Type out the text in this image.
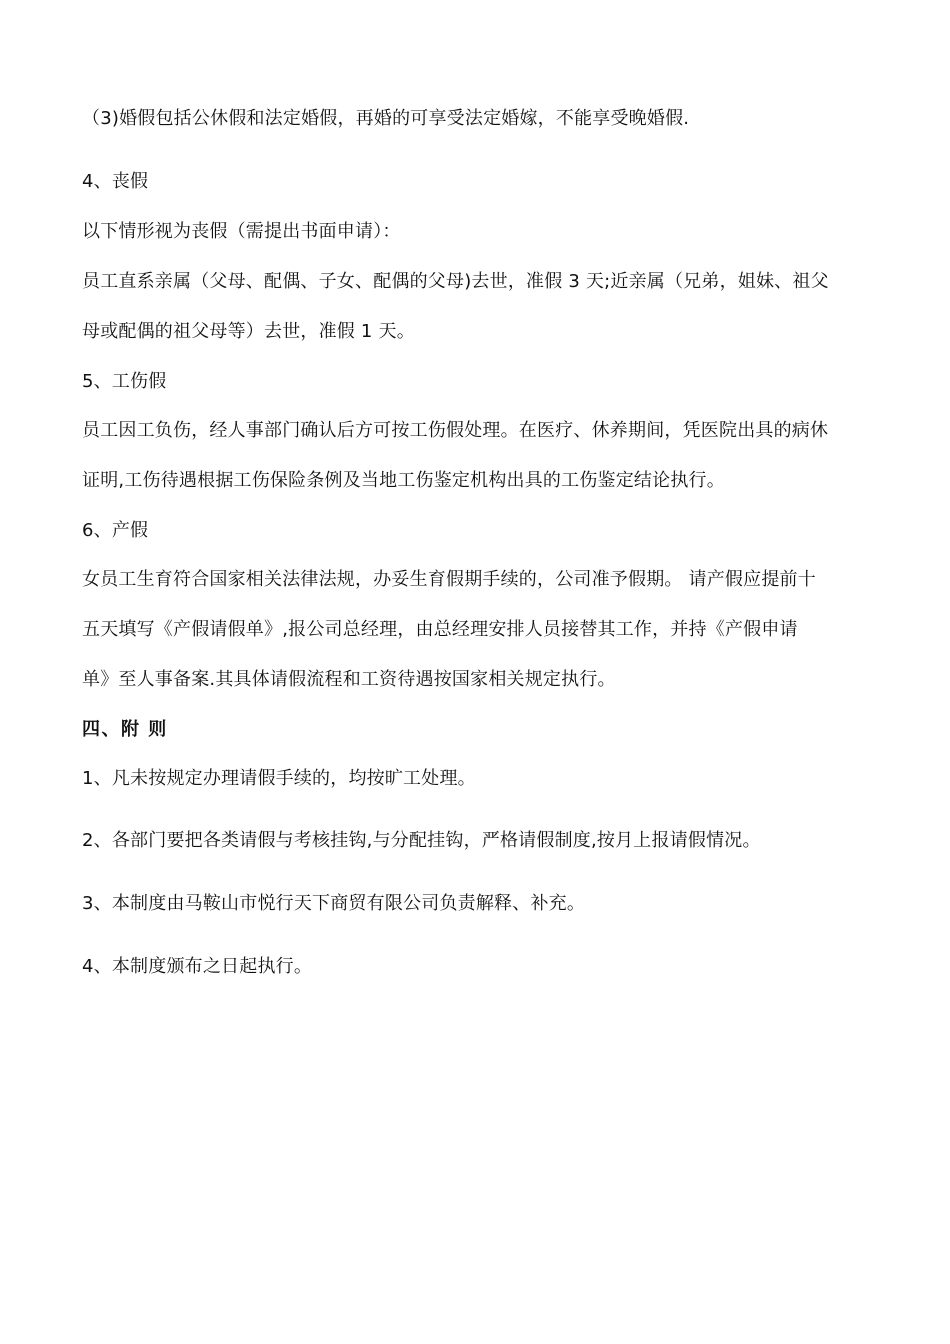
（3)婚假包括公休假和法定婚假，再婚的可享受法定婚嫁，不能享受晚婚假.
4、丧假
以下情形视为丧假（需提出书面申请）：
员工直系亲属（父母、配偶、子女、配偶的父母)去世，准假 3 天;近亲属（兄弟，姐妹、祖父
母或配偶的祖父母等）去世，准假 1 天。
5、工伤假
员工因工负伤，经人事部门确认后方可按工伤假处理。在医疗、休养期间，凭医院出具的病休
证明,工伤待遇根据工伤保险条例及当地工伤鉴定机构出具的工伤鉴定结论执行。
6、产假
女员工生育符合国家相关法律法规，办妥生育假期手续的，公司准予假期。 请产假应提前十
五天填写《产假请假单》,报公司总经理，由总经理安排人员接替其工作，并持《产假申请
单》至人事备案.其具体请假流程和工资待遇按国家相关规定执行。
四、附 则
1、凡未按规定办理请假手续的，均按旷工处理。
2、各部门要把各类请假与考核挂钩,与分配挂钩，严格请假制度,按月上报请假情况。
3、本制度由马鞍山市悦行天下商贸有限公司负责解释、补充。
4、本制度颁布之日起执行。
